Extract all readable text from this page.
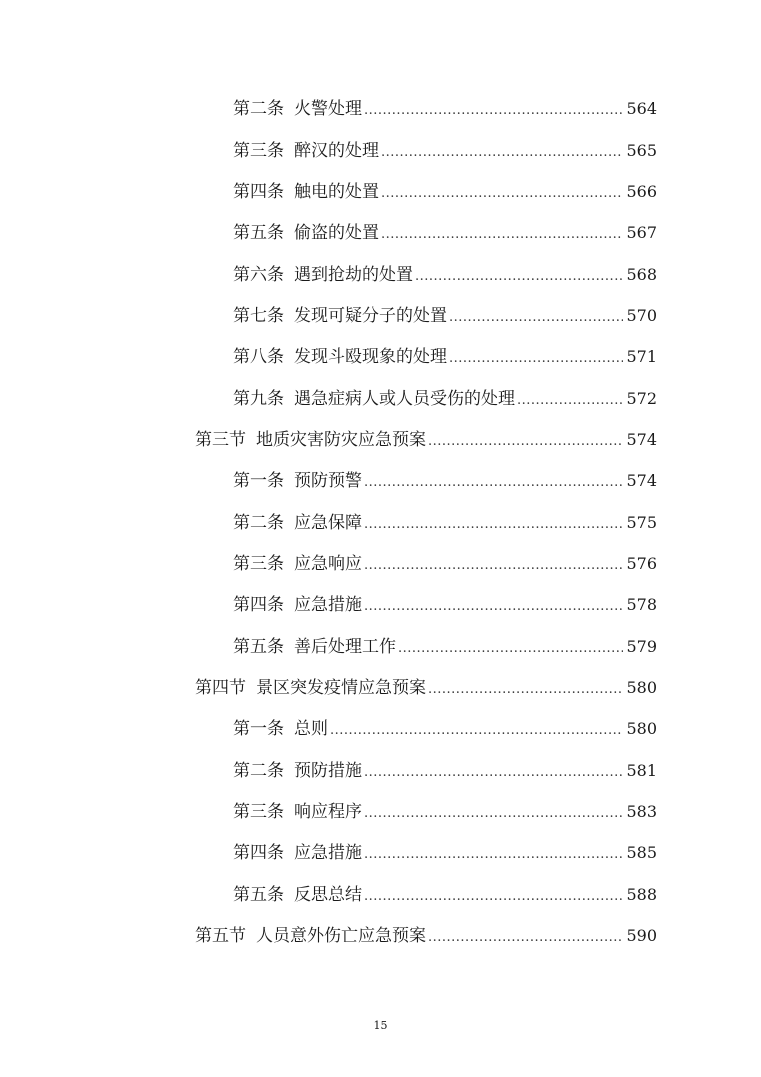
第二条 火警处理 .....	564
第三条 醉汉的处理 .....	565
第四条 触电的处置 .....	566
第五条 偷盗的处置 .....	567
第六条 遇到抢劫的处置 .....	568
第七条 发现可疑分子的处置 .....	570
第八条 发现斗殴现象的处理 .....	571
第九条 遇急症病人或人员受伤的处理 .....	572
第三节 地质灾害防灾应急预案 .....	574
第一条 预防预警 .....	574
第二条 应急保障 .....	575
第三条 应急响应 .....	576
第四条 应急措施 .....	578
第五条 善后处理工作 .....	579
第四节 景区突发疫情应急预案 .....	580
第一条 总则 .....	580
第二条 预防措施 .....	581
第三条 响应程序 .....	583
第四条 应急措施 .....	585
第五条 反思总结 .....	588
第五节 人员意外伤亡应急预案 .....	590
15
